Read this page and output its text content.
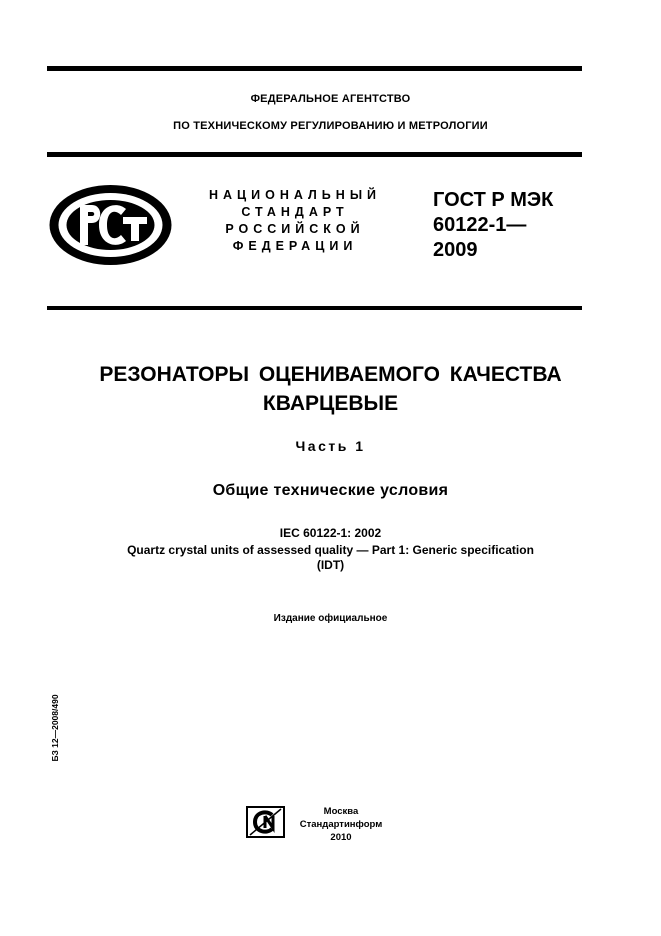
ФЕДЕРАЛЬНОЕ АГЕНТСТВО
ПО ТЕХНИЧЕСКОМУ РЕГУЛИРОВАНИЮ И МЕТРОЛОГИИ
НАЦИОНАЛЬНЫЙ
СТАНДАРТ
РОССИЙСКОЙ
ФЕДЕРАЦИИ
ГОСТ Р МЭК
60122-1—
2009
РЕЗОНАТОРЫ ОЦЕНИВАЕМОГО КАЧЕСТВА
КВАРЦЕВЫЕ
Часть 1
Общие технические условия
IEC 60122-1: 2002
Quartz crystal units of assessed quality — Part 1: Generic specification
(IDT)
Издание официальное
БЗ 12—2008/490
Москва
Стандартинформ
2010
